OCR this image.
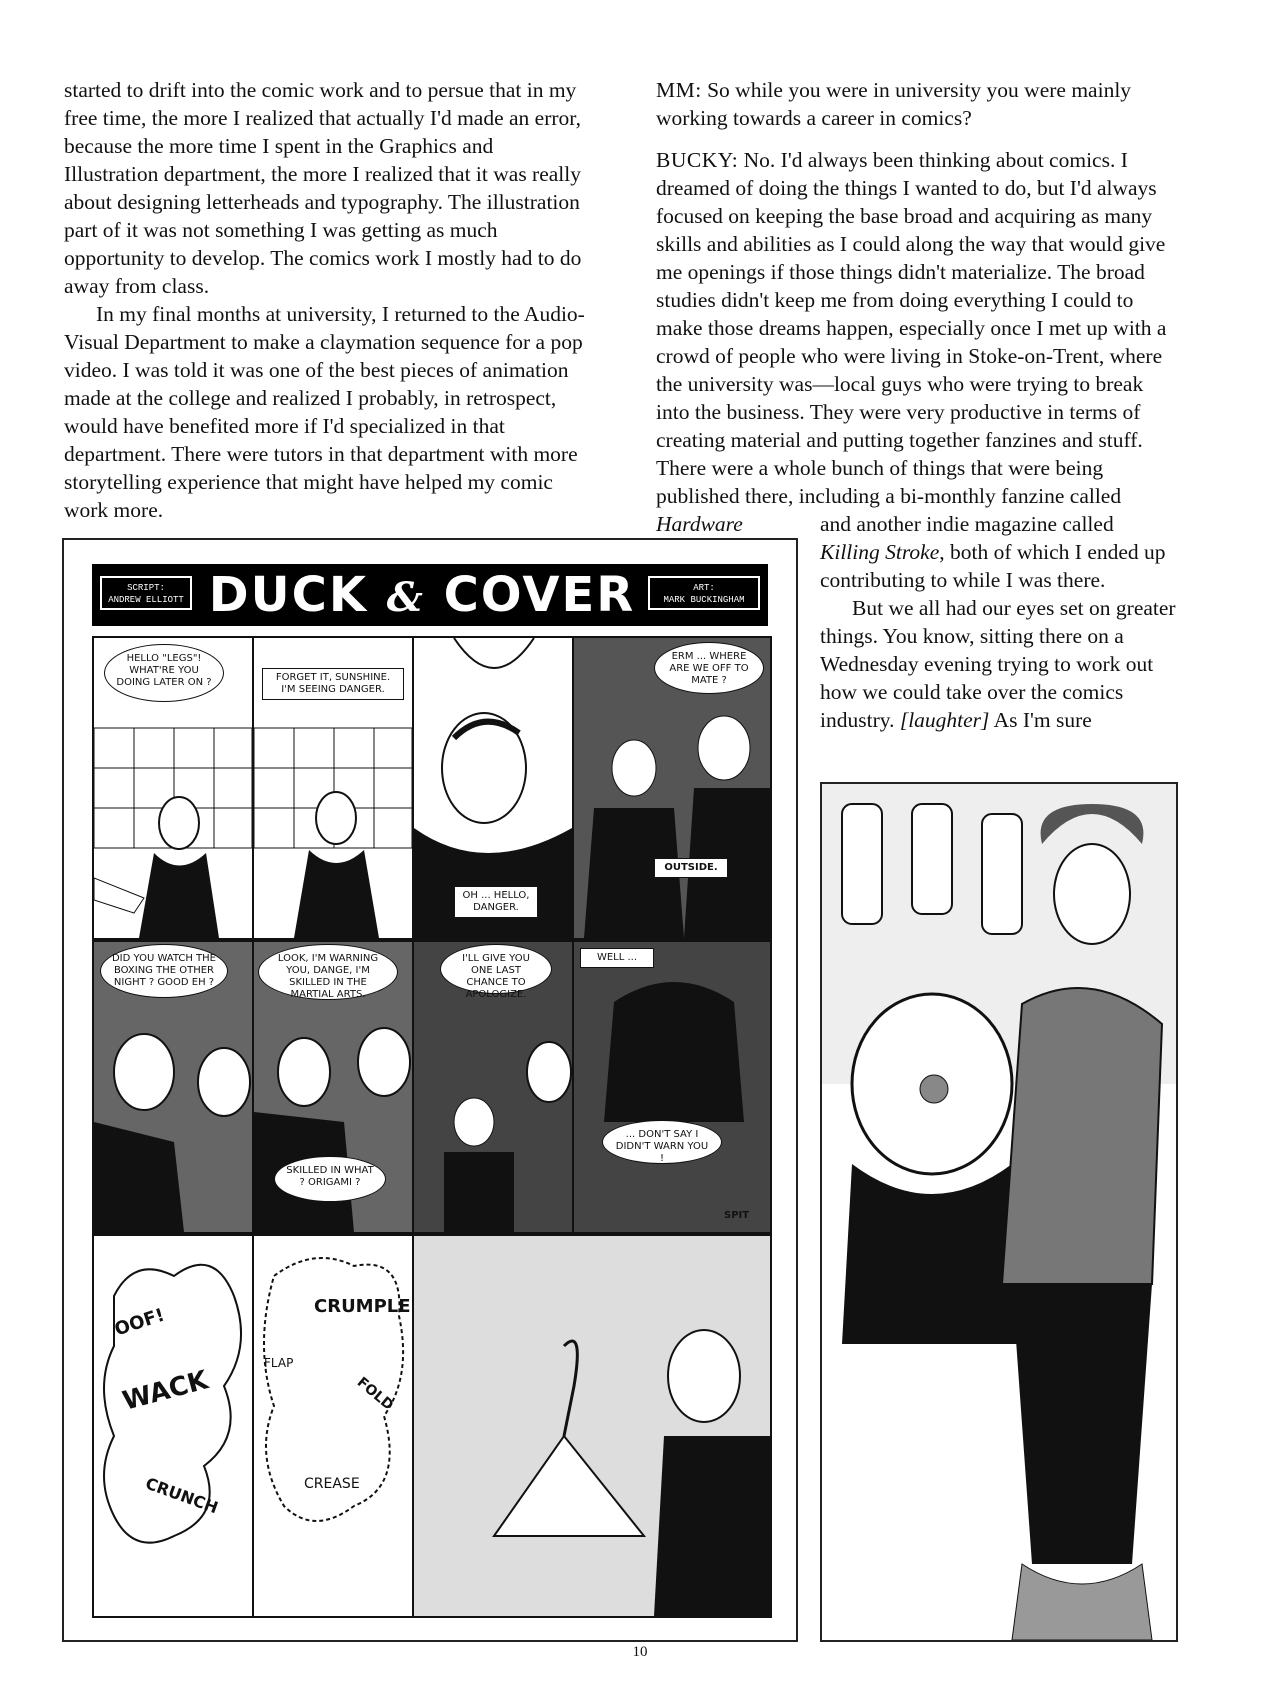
started to drift into the comic work and to persue that in my free time, the more I realized that actually I'd made an error, because the more time I spent in the Graphics and Illustration department, the more I realized that it was really about designing letterheads and typography. The illustration part of it was not something I was getting as much opportunity to develop. The comics work I mostly had to do away from class.

In my final months at university, I returned to the Audio-Visual Department to make a claymation sequence for a pop video. I was told it was one of the best pieces of animation made at the college and realized I probably, in retrospect, would have benefited more if I'd specialized in that department. There were tutors in that department with more storytelling experience that might have helped my comic work more.

MM: So while you were in university you were mainly working towards a career in comics?

BUCKY: No. I'd always been thinking about comics. I dreamed of doing the things I wanted to do, but I'd always focused on keeping the base broad and acquiring as many skills and abilities as I could along the way that would give me openings if those things didn't materialize. The broad studies didn't keep me from doing everything I could to make those dreams happen, especially once I met up with a crowd of people who were living in Stoke-on-Trent, where the university was—local guys who were trying to break into the business. They were very productive in terms of creating material and putting together fanzines and stuff. There were a whole bunch of things that were being published there, including a bi-monthly fanzine called Hardware	and another indie magazine called Killing Stroke, both of which I ended up contributing to while I was there.

But we all had our eyes set on greater things. You know, sitting there on a Wednesday evening trying to work out how we could take over the comics industry. [laughter] As I'm sure

SCRIPT:
ANDREW ELLIOTT DUCK & COVER	ART:
MARK BUCKINGHAM
HELLO "LEGS"! WHAT'RE YOU DOING LATER ON ?	FORGET IT, SUNSHINE. I'M SEEING DANGER.
OH ... HELLO, DANGER.
ERM ... WHERE ARE WE OFF TO MATE ?
OUTSIDE.
DID YOU WATCH THE BOXING THE OTHER NIGHT ? GOOD EH ?
LOOK, I'M WARNING YOU, DANGE, I'M SKILLED IN THE MARTIAL ARTS.
SKILLED IN WHAT ? ORIGAMI ?
I'LL GIVE YOU ONE LAST CHANCE TO APOLOGIZE.
WELL ...
... DON'T SAY I DIDN'T WARN YOU !
SPIT
OOF!
WACK
CRUNCH
CRUMPLE
FLAP
FOLD
CREASE
10
